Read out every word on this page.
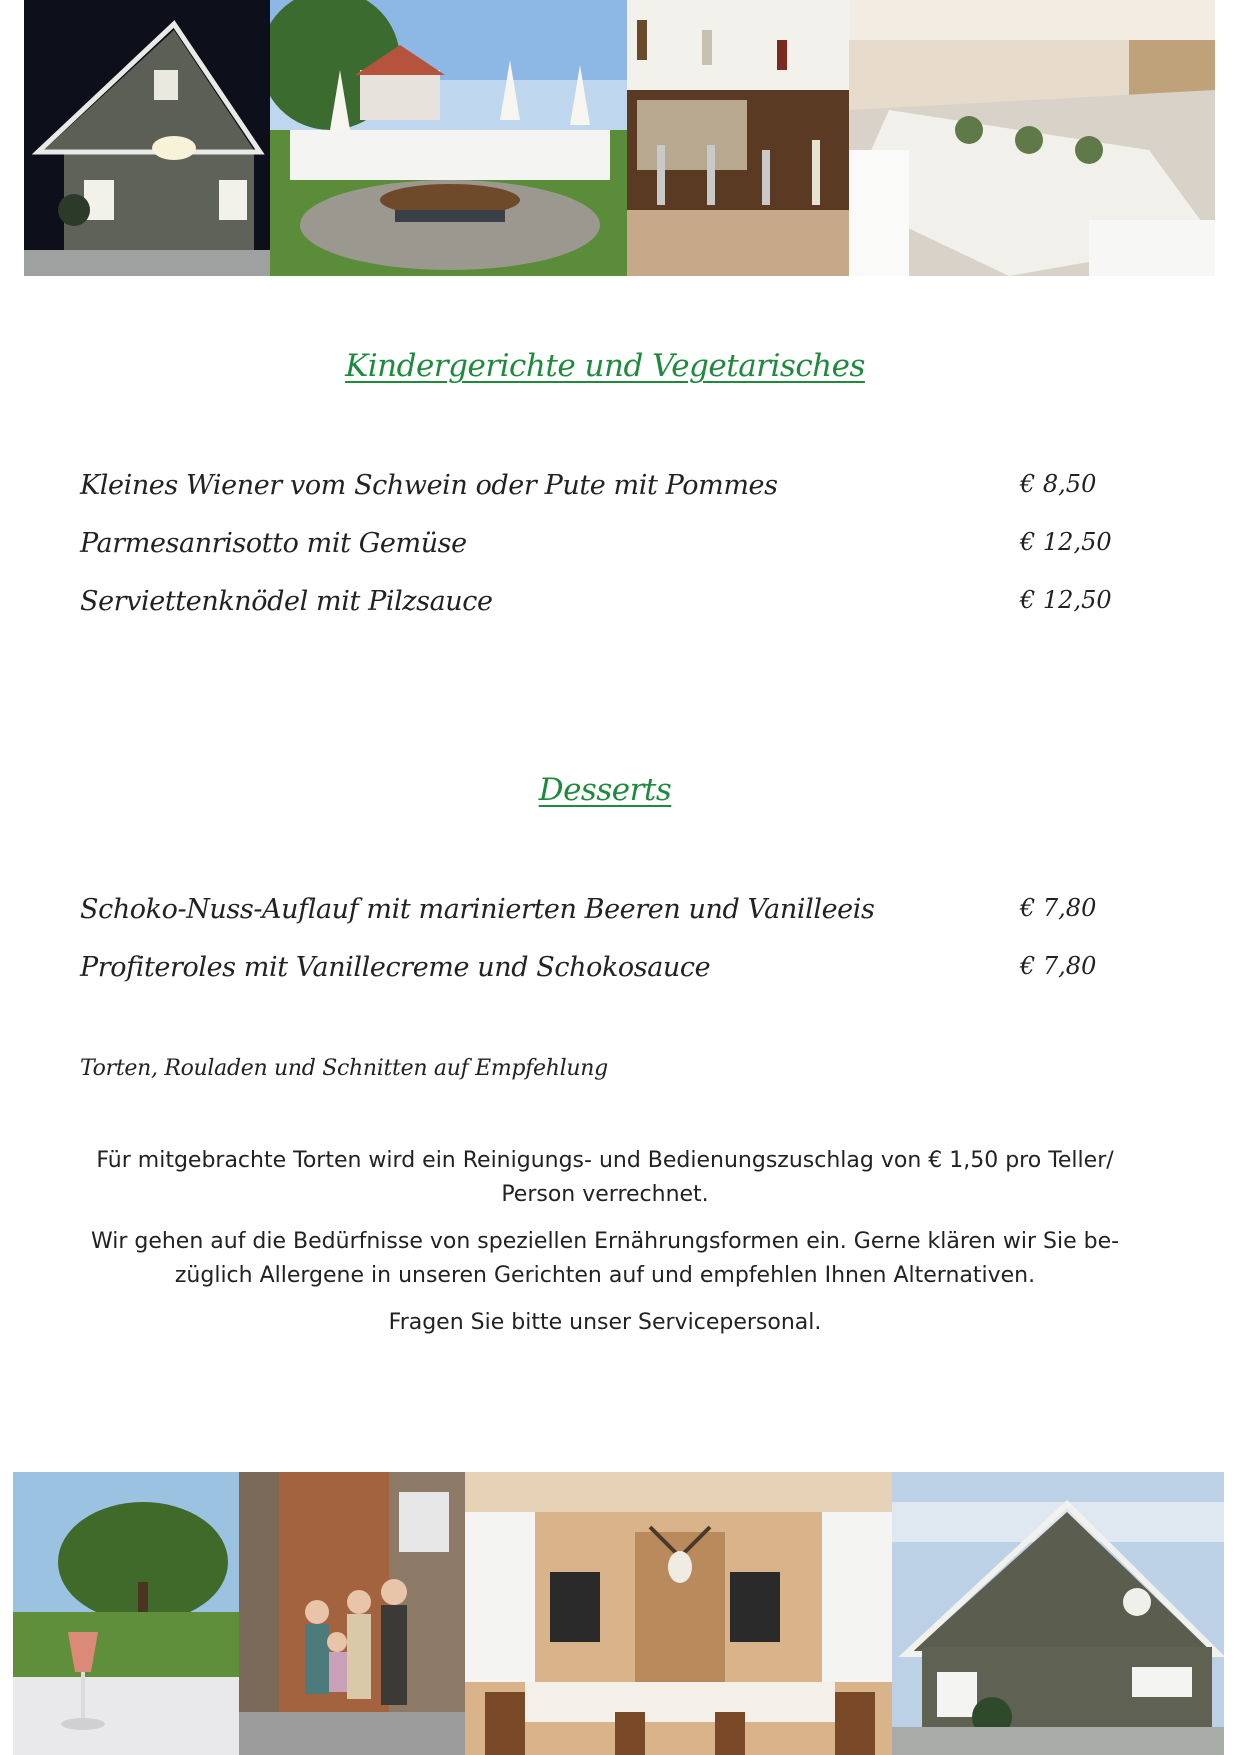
Kindergerichte und Vegetarisches
Kleines Wiener vom Schwein oder Pute mit Pommes	€ 8,50
Parmesanrisotto mit Gemüse	€ 12,50
Serviettenknödel mit Pilzsauce	€ 12,50
Desserts
Schoko-Nuss-Auflauf mit marinierten Beeren und Vanilleeis	€ 7,80
Profiteroles mit Vanillecreme und Schokosauce	€ 7,80
Torten, Rouladen und Schnitten auf Empfehlung
Für mitgebrachte Torten wird ein Reinigungs- und Bedienungszuschlag von € 1,50 pro Teller/
Person verrechnet.
Wir gehen auf die Bedürfnisse von speziellen Ernährungsformen ein. Gerne klären wir Sie be-
züglich Allergene in unseren Gerichten auf und empfehlen Ihnen Alternativen.
Fragen Sie bitte unser Servicepersonal.
